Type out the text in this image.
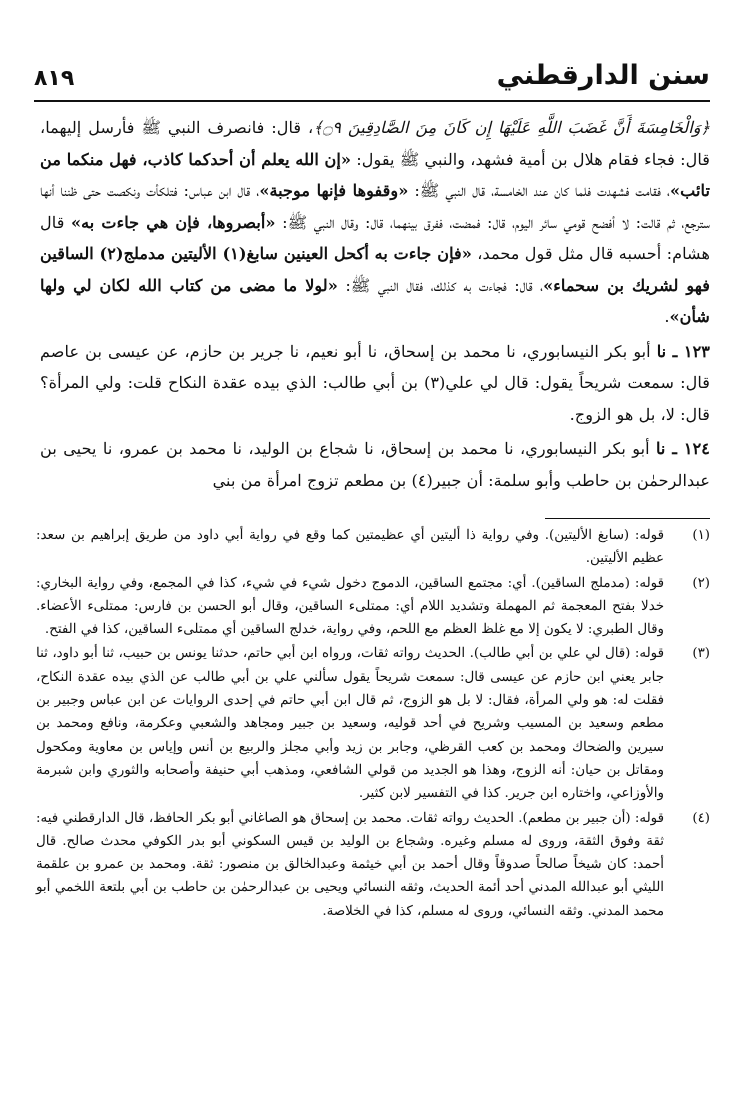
سنن الدارقطني
٨١٩

﴿وَالْخَامِسَةَ أَنَّ غَضَبَ اللَّهِ عَلَيْهَا إِن كَانَ مِنَ الصَّادِقِينَ ۝٩﴾، قال: فانصرف النبي ﷺ فأرسل إليهما، قال: فجاء فقام هلال بن أمية فشهد، والنبي ﷺ يقول: «إن الله يعلم أن أحدكما كاذب، فهل منكما من تائب»، فقامت فشهدت فلما كان عند الخامسة، قال النبي ﷺ: «وقفوها فإنها موجبة»، قال ابن عباس: فتلكأت ونكصت حتى ظننا أنها سترجع، ثم قالت: لا أفضح قومي سائر اليوم، قال: فمضت، ففرق بينهما، قال: وقال النبي ﷺ: «أبصروها، فإن هي جاءت به» قال هشام: أحسبه قال مثل قول محمد، «فإن جاءت به أكحل العينين سابغ(١) الأليتين مدملج(٢) الساقين فهو لشريك بن سحماء»، قال: فجاءت به كذلك، فقال النبي ﷺ: «لولا ما مضى من كتاب الله لكان لي ولها شأن».

١٢٣ ـ نا أبو بكر النيسابوري، نا محمد بن إسحاق، نا أبو نعيم، نا جرير بن حازم، عن عيسى بن عاصم قال: سمعت شريحاً يقول: قال لي علي(٣) بن أبي طالب: الذي بيده عقدة النكاح قلت: ولي المرأة؟ قال: لا، بل هو الزوج.

١٢٤ ـ نا أبو بكر النيسابوري، نا محمد بن إسحاق، نا شجاع بن الوليد، نا محمد بن عمرو، نا يحيى بن عبدالرحمٰن بن حاطب وأبو سلمة: أن جبير(٤) بن مطعم تزوج امرأة من بني

(١)
قوله: (سابغ الأليتين). وفي رواية ذا أليتين أي عظيمتين كما وقع في رواية أبي داود من طريق إبراهيم بن سعد: عظيم الأليتين.

(٢)
قوله: (مدملج الساقين). أي: مجتمع الساقين، الدموج دخول شيء في شيء، كذا في المجمع، وفي رواية البخاري: خدلا بفتح المعجمة ثم المهملة وتشديد اللام أي: ممتلىء الساقين، وقال أبو الحسن بن فارس: ممتلىء الأعضاء. وقال الطبري: لا يكون إلا مع غلظ العظم مع اللحم، وفي رواية، خدلج الساقين أي ممتلىء الساقين، كذا في الفتح.

(٣)
قوله: (قال لي علي بن أبي طالب). الحديث رواته ثقات، ورواه ابن أبي حاتم، حدثنا يونس بن حبيب، ثنا أبو داود، ثنا جابر يعني ابن حازم عن عيسى قال: سمعت شريحاً يقول سألني علي بن أبي طالب عن الذي بيده عقدة النكاح، فقلت له: هو ولي المرأة، فقال: لا بل هو الزوج، ثم قال ابن أبي حاتم في إحدى الروايات عن ابن عباس وجبير بن مطعم وسعيد بن المسيب وشريح في أحد قوليه، وسعيد بن جبير ومجاهد والشعبي وعكرمة، ونافع ومحمد بن سيرين والضحاك ومحمد بن كعب القرظي، وجابر بن زيد وأبي مجلز والربيع بن أنس وإياس بن معاوية ومكحول ومقاتل بن حيان: أنه الزوج، وهذا هو الجديد من قولي الشافعي، ومذهب أبي حنيفة وأصحابه والثوري وابن شبرمة والأوزاعي، واختاره ابن جرير. كذا في التفسير لابن كثير.

(٤)
قوله: (أن جبير بن مطعم). الحديث رواته ثقات. محمد بن إسحاق هو الصاغاني أبو بكر الحافظ، قال الدارقطني فيه: ثقة وفوق الثقة، وروى له مسلم وغيره. وشجاع بن الوليد بن قيس السكوني أبو بدر الكوفي محدث صالح. قال أحمد: كان شيخاً صالحاً صدوقاً وقال أحمد بن أبي خيثمة وعبدالخالق بن منصور: ثقة. ومحمد بن عمرو بن علقمة الليثي أبو عبدالله المدني أحد أئمة الحديث، وثقه النسائي ويحيى بن عبدالرحمٰن بن حاطب بن أبي بلتعة اللخمي أبو محمد المدني. وثقه النسائي، وروى له مسلم، كذا في الخلاصة.
